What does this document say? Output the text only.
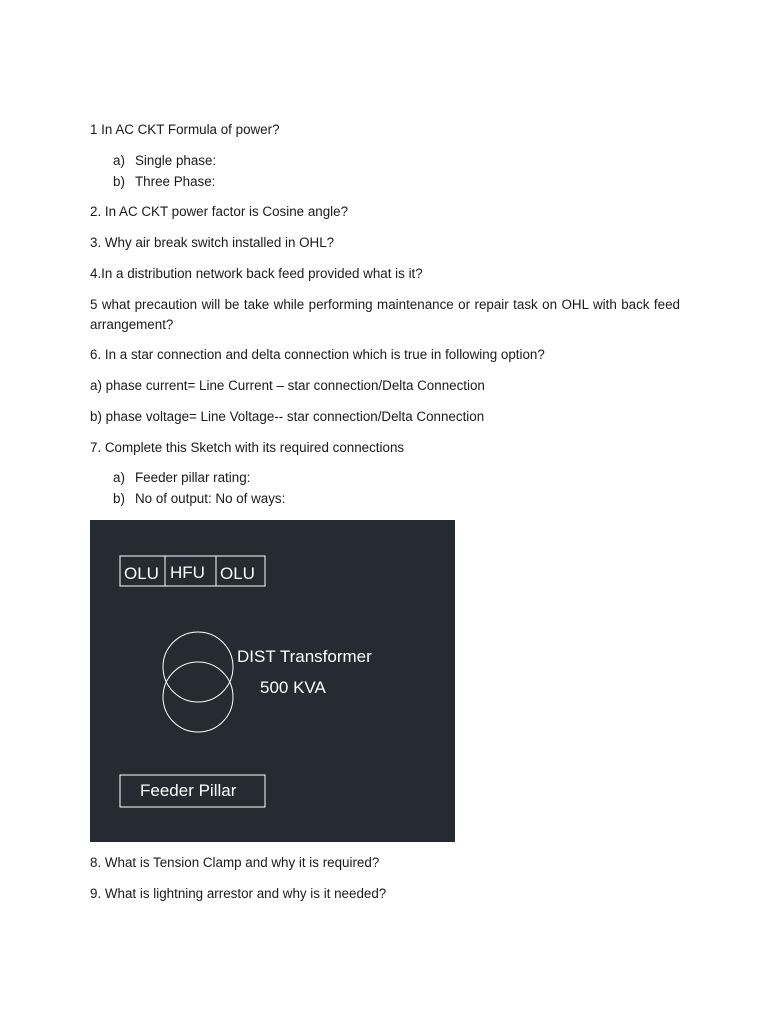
1 In AC CKT Formula of power?
a) Single phase:
b) Three Phase:
2. In AC CKT power factor is Cosine angle?
3. Why air break switch installed in OHL?
4.In a distribution network back feed provided what is it?
5 what precaution will be take while performing maintenance or repair task on OHL with back feed arrangement?
6. In a star connection and delta connection which is true in following option?
a) phase current= Line Current – star connection/Delta Connection
b) phase voltage= Line Voltage-- star connection/Delta Connection
7. Complete this Sketch with its required connections
a) Feeder pillar rating:
b) No of output: No of ways:
OLU HFU OLU
DIST Transformer
500 KVA
Feeder Pillar
8. What is Tension Clamp and why it is required?
9. What is lightning arrestor and why is it needed?
